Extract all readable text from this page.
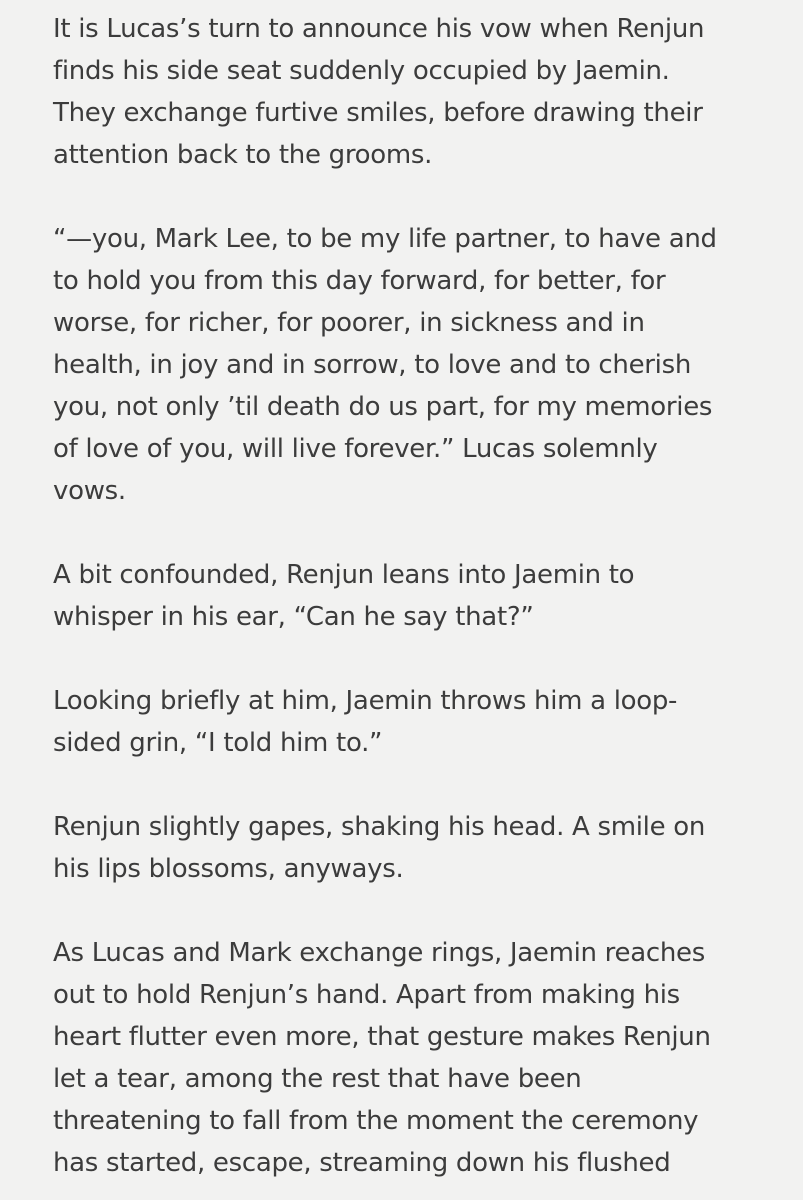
It is Lucas’s turn to announce his vow when Renjun
finds his side seat suddenly occupied by Jaemin.
They exchange furtive smiles, before drawing their
attention back to the grooms.
“—you, Mark Lee, to be my life partner, to have and
to hold you from this day forward, for better, for
worse, for richer, for poorer, in sickness and in
health, in joy and in sorrow, to love and to cherish
you, not only ’til death do us part, for my memories
of love of you, will live forever.” Lucas solemnly
vows.
A bit confounded, Renjun leans into Jaemin to
whisper in his ear, “Can he say that?”
Looking briefly at him, Jaemin throws him a loop-
sided grin, “I told him to.”
Renjun slightly gapes, shaking his head. A smile on
his lips blossoms, anyways.
As Lucas and Mark exchange rings, Jaemin reaches
out to hold Renjun’s hand. Apart from making his
heart flutter even more, that gesture makes Renjun
let a tear, among the rest that have been
threatening to fall from the moment the ceremony
has started, escape, streaming down his flushed
